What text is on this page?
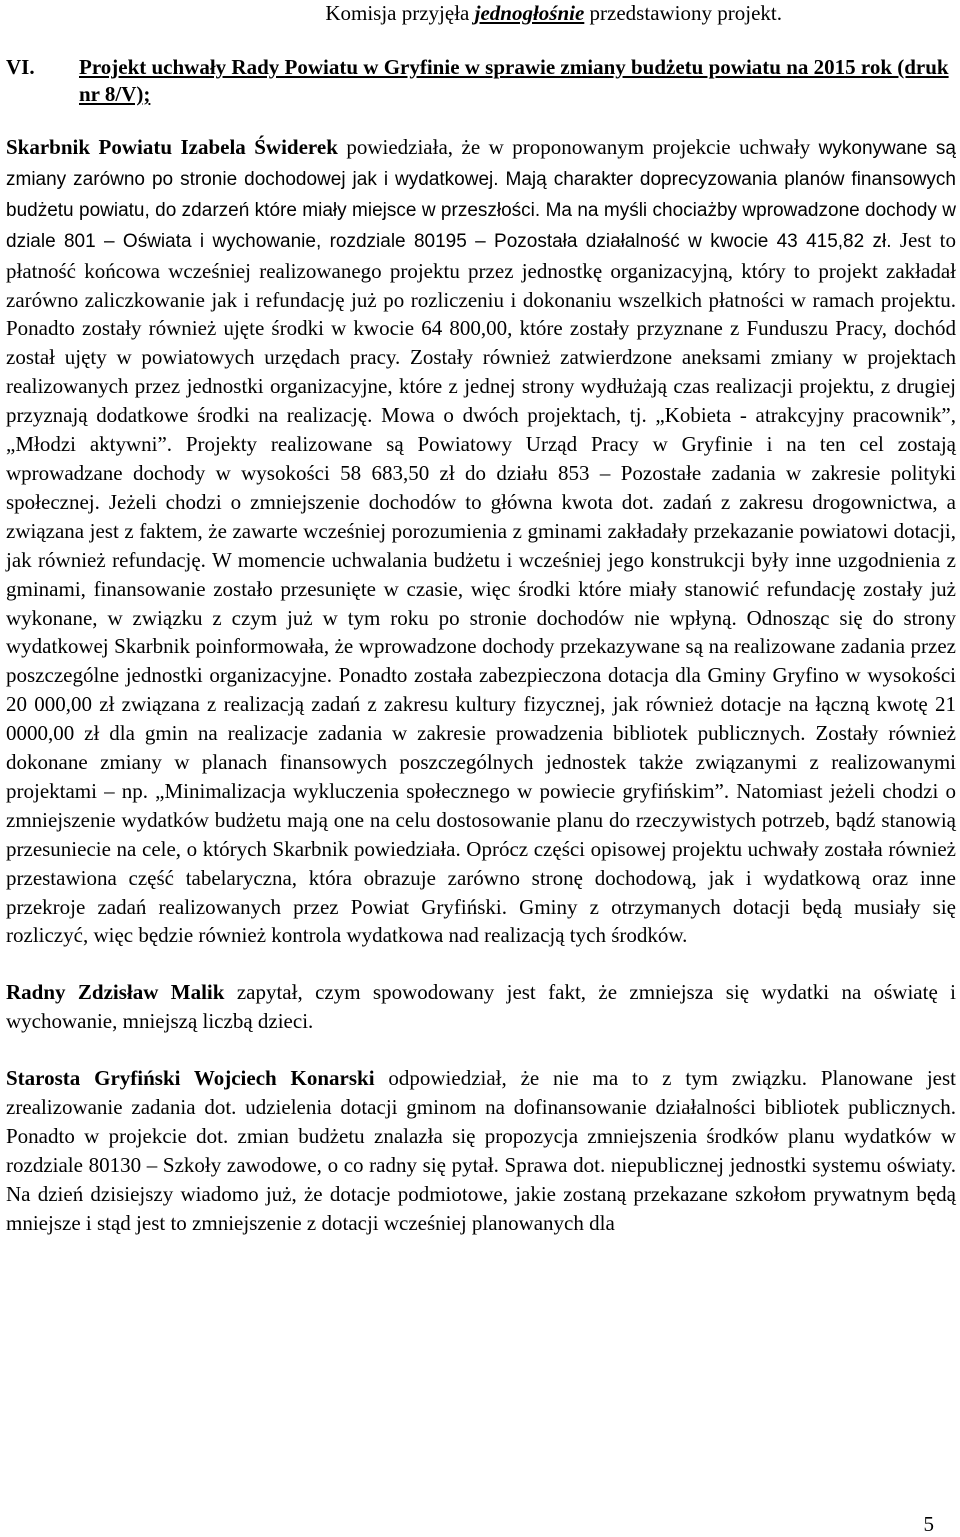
Komisja przyjęła jednogłośnie przedstawiony projekt.

VI.	Projekt uchwały Rady Powiatu w Gryfinie w sprawie zmiany budżetu powiatu na 2015 rok (druk nr 8/V);

Skarbnik Powiatu Izabela Świderek powiedziała, że w proponowanym projekcie uchwały wykonywane są zmiany zarówno po stronie dochodowej jak i wydatkowej. Mają charakter doprecyzowania planów finansowych budżetu powiatu, do zdarzeń które miały miejsce w przeszłości. Ma na myśli chociażby wprowadzone dochody w dziale 801 – Oświata i wychowanie, rozdziale 80195 – Pozostała działalność w kwocie 43 415,82 zł. Jest to płatność końcowa wcześniej realizowanego projektu przez jednostkę organizacyjną, który to projekt zakładał zarówno zaliczkowanie jak i refundację już po rozliczeniu i dokonaniu wszelkich płatności w ramach projektu. Ponadto zostały również ujęte środki w kwocie 64 800,00, które zostały przyznane z Funduszu Pracy, dochód został ujęty w powiatowych urzędach pracy. Zostały również zatwierdzone aneksami zmiany w projektach realizowanych przez jednostki organizacyjne, które z jednej strony wydłużają czas realizacji projektu, z drugiej przyznają dodatkowe środki na realizację. Mowa o dwóch projektach, tj. „Kobieta - atrakcyjny pracownik”, „Młodzi aktywni”. Projekty realizowane są Powiatowy Urząd Pracy w Gryfinie i na ten cel zostają wprowadzane dochody w wysokości 58 683,50 zł do działu 853 – Pozostałe zadania w zakresie polityki społecznej. Jeżeli chodzi o zmniejszenie dochodów to główna kwota dot. zadań z zakresu drogownictwa, a związana jest z faktem, że zawarte wcześniej porozumienia z gminami zakładały przekazanie powiatowi dotacji, jak również refundację. W momencie uchwalania budżetu i wcześniej jego konstrukcji były inne uzgodnienia z gminami, finansowanie zostało przesunięte w czasie, więc środki które miały stanowić refundację zostały już wykonane, w związku z czym już w tym roku po stronie dochodów nie wpłyną. Odnosząc się do strony wydatkowej Skarbnik poinformowała, że wprowadzone dochody przekazywane są na realizowane zadania przez poszczególne jednostki organizacyjne. Ponadto została zabezpieczona dotacja dla Gminy Gryfino w wysokości 20 000,00 zł związana z realizacją zadań z zakresu kultury fizycznej, jak również dotacje na łączną kwotę 21 0000,00 zł dla gmin na realizacje zadania w zakresie prowadzenia bibliotek publicznych. Zostały również dokonane zmiany w planach finansowych poszczególnych jednostek także związanymi z realizowanymi projektami – np. „Minimalizacja wykluczenia społecznego w powiecie gryfińskim”. Natomiast jeżeli chodzi o zmniejszenie wydatków budżetu mają one na celu dostosowanie planu do rzeczywistych potrzeb, bądź stanowią przesuniecie na cele, o których Skarbnik powiedziała. Oprócz części opisowej projektu uchwały została również przestawiona część tabelaryczna, która obrazuje zarówno stronę dochodową, jak i wydatkową oraz inne przekroje zadań realizowanych przez Powiat Gryfiński. Gminy z otrzymanych dotacji będą musiały się rozliczyć, więc będzie również kontrola wydatkowa nad realizacją tych środków.

Radny Zdzisław Malik zapytał, czym spowodowany jest fakt, że zmniejsza się wydatki na oświatę i wychowanie, mniejszą liczbą dzieci.

Starosta Gryfiński Wojciech Konarski odpowiedział, że nie ma to z tym związku. Planowane jest zrealizowanie zadania dot. udzielenia dotacji gminom na dofinansowanie działalności bibliotek publicznych. Ponadto w projekcie dot. zmian budżetu znalazła się propozycja zmniejszenia środków planu wydatków w rozdziale 80130 – Szkoły zawodowe, o co radny się pytał. Sprawa dot. niepublicznej jednostki systemu oświaty. Na dzień dzisiejszy wiadomo już, że dotacje podmiotowe, jakie zostaną przekazane szkołom prywatnym będą mniejsze i stąd jest to zmniejszenie z dotacji wcześniej planowanych dla

5
